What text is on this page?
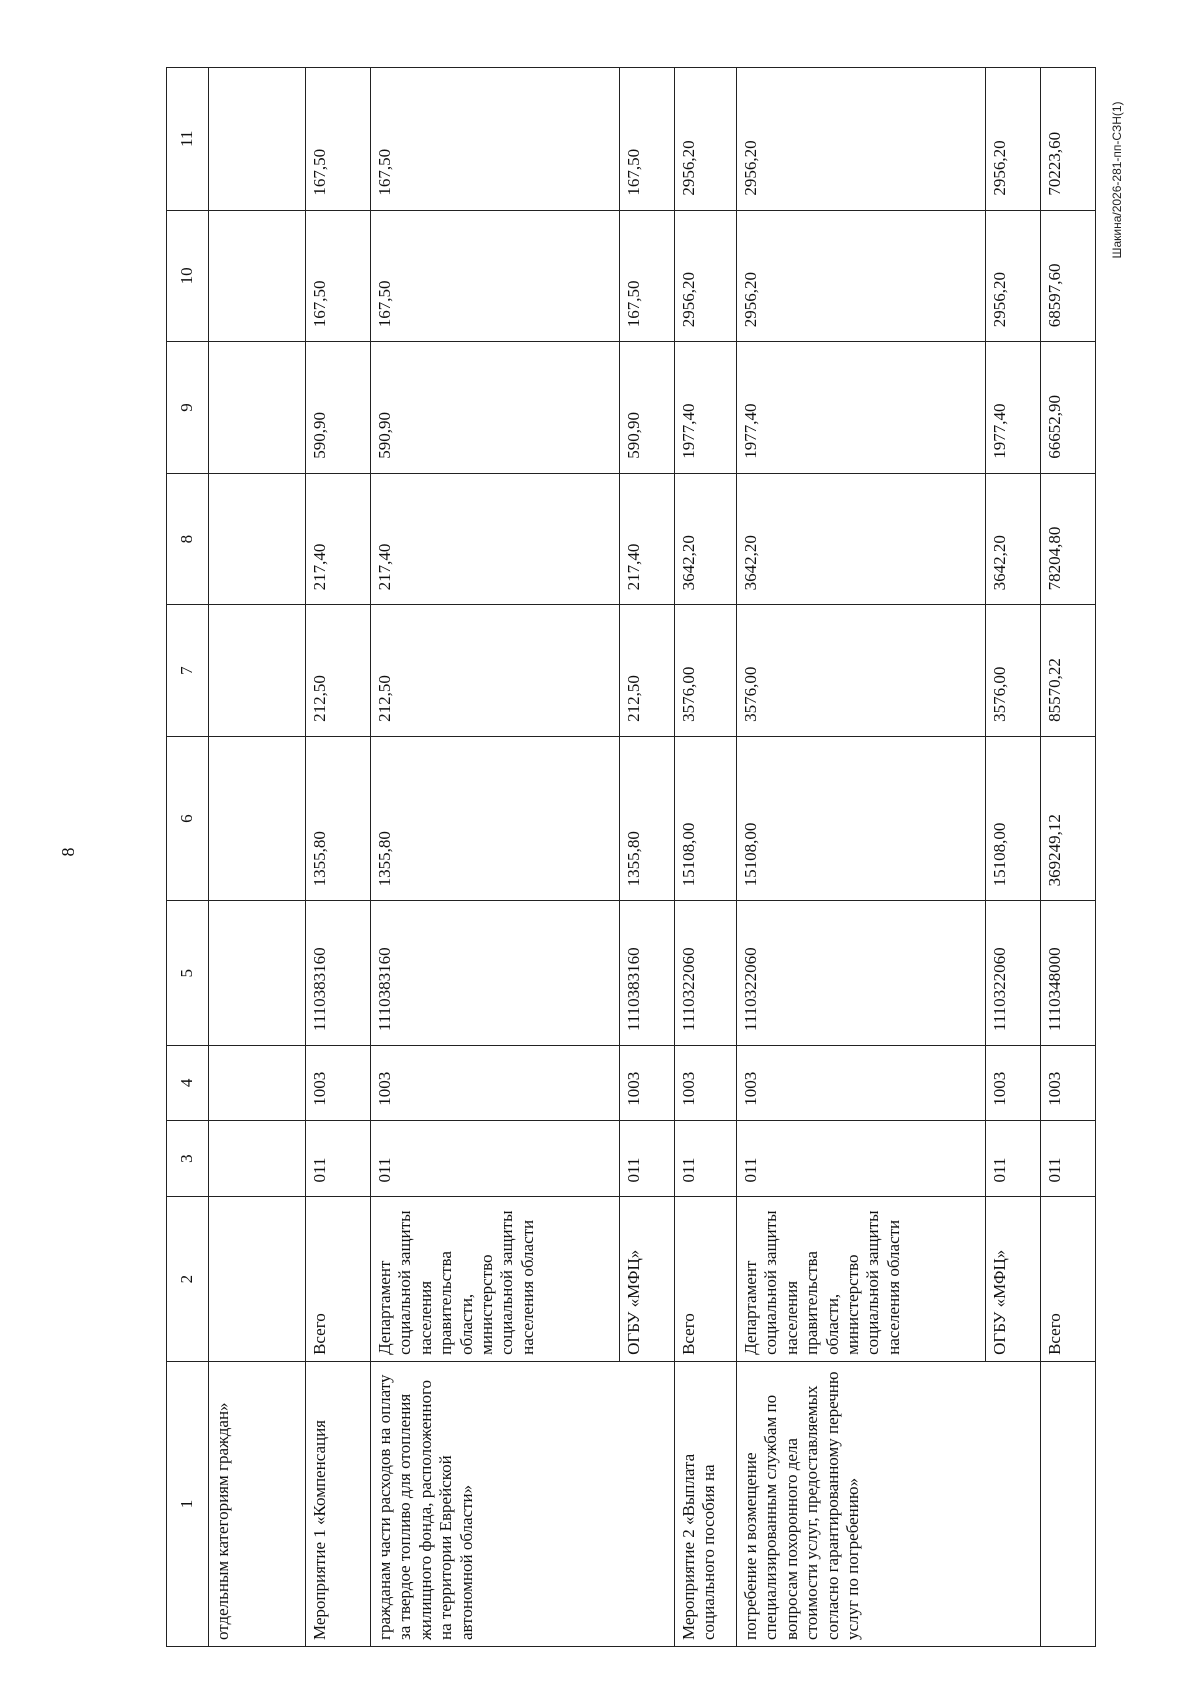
8
1	2	3	4	5	6	7	8	9	10	11
отдельным категориям граждан»										
Мероприятие 1 «Компенсация	Всего	011	1003	1110383160	1355,80	212,50	217,40	590,90	167,50	167,50
гражданам части расходов на оплату за твердое топливо для отопления жилищного фонда, расположенного на территории Еврейской автономной области»	Департамент социальной защиты населения правительства области, министерство социальной защиты населения области	011	1003	1110383160	1355,80	212,50	217,40	590,90	167,50	167,50
	ОГБУ «МФЦ»	011	1003	1110383160	1355,80	212,50	217,40	590,90	167,50	167,50
Мероприятие 2 «Выплата социального пособия на	Всего	011	1003	1110322060	15108,00	3576,00	3642,20	1977,40	2956,20	2956,20
погребение и возмещение специализированным службам по вопросам похоронного дела стоимости услуг, предоставляемых согласно гарантированному перечню услуг по погребению»	Департамент социальной защиты населения правительства области, министерство социальной защиты населения области	011	1003	1110322060	15108,00	3576,00	3642,20	1977,40	2956,20	2956,20
	ОГБУ «МФЦ»	011	1003	1110322060	15108,00	3576,00	3642,20	1977,40	2956,20	2956,20
	Всего	011	1003	1110348000	369249,12	85570,22	78204,80	66652,90	68597,60	70223,60	Шакина/2026-281-пп-СЗН(1)
